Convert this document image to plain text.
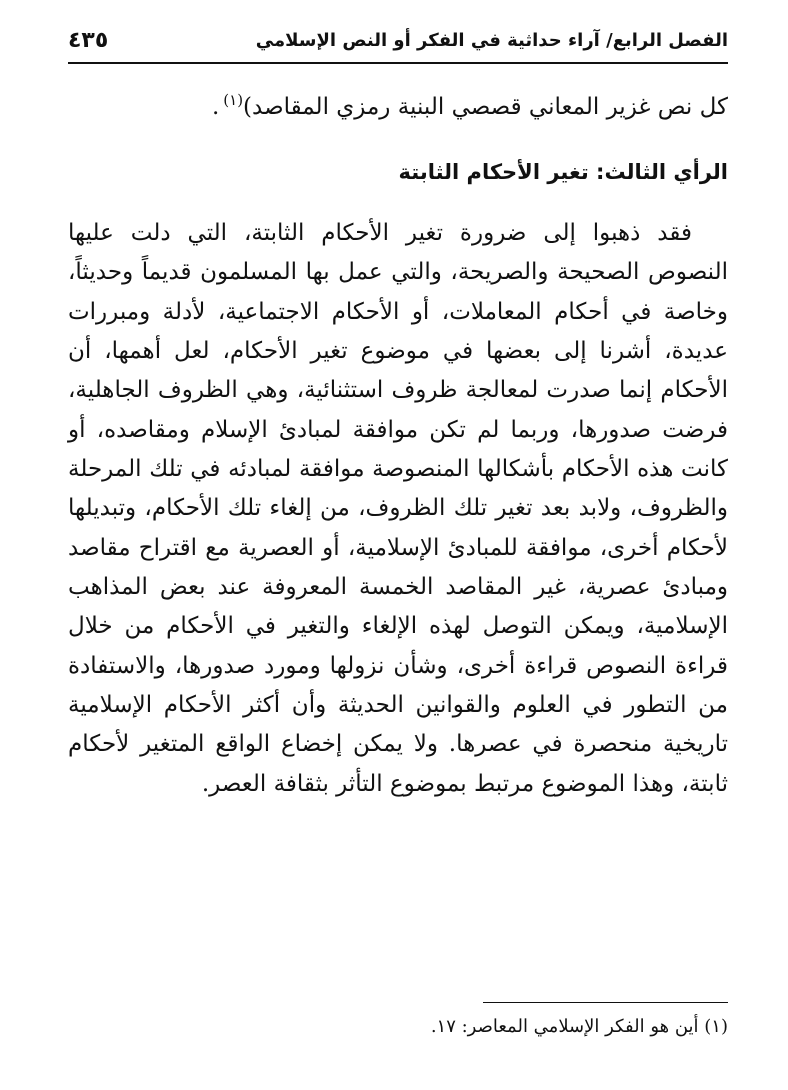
الفصل الرابع/ آراء حداثية في الفكر أو النص الإسلامي
٤٣٥
كل نص غزير المعاني قصصي البنية رمزي المقاصد)$^{(١)}$.
الرأي الثالث: تغير الأحكام الثابتة

فقد ذهبوا إلى ضرورة تغير الأحكام الثابتة، التي دلت عليها النصوص الصحيحة والصريحة، والتي عمل بها المسلمون قديماً وحديثاً، وخاصة في أحكام المعاملات، أو الأحكام الاجتماعية، لأدلة ومبررات عديدة، أشرنا إلى بعضها في موضوع تغير الأحكام، لعل أهمها، أن الأحكام إنما صدرت لمعالجة ظروف استثنائية، وهي الظروف الجاهلية، فرضت صدورها، وربما لم تكن موافقة لمبادئ الإسلام ومقاصده، أو كانت هذه الأحكام بأشكالها المنصوصة موافقة لمبادئه في تلك المرحلة والظروف، ولابد بعد تغير تلك الظروف، من إلغاء تلك الأحكام، وتبديلها لأحكام أخرى، موافقة للمبادئ الإسلامية، أو العصرية مع اقتراح مقاصد ومبادئ عصرية، غير المقاصد الخمسة المعروفة عند بعض المذاهب الإسلامية، ويمكن التوصل لهذه الإلغاء والتغير في الأحكام من خلال قراءة النصوص قراءة أخرى، وشأن نزولها ومورد صدورها، والاستفادة من التطور في العلوم والقوانين الحديثة وأن أكثر الأحكام الإسلامية تاريخية منحصرة في عصرها. ولا يمكن إخضاع الواقع المتغير لأحكام ثابتة، وهذا الموضوع مرتبط بموضوع التأثر بثقافة العصر.

(١) أين هو الفكر الإسلامي المعاصر: ١٧.
